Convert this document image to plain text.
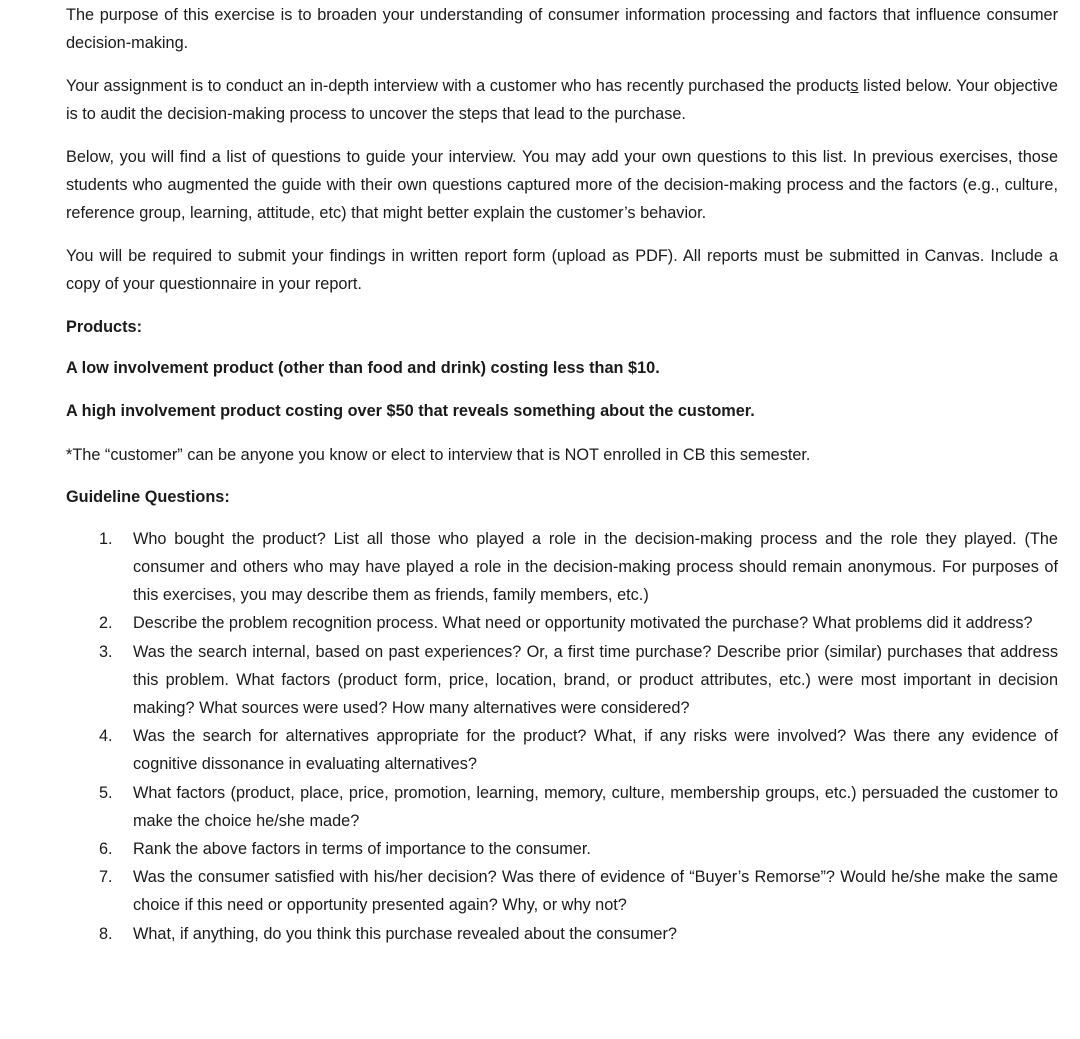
The purpose of this exercise is to broaden your understanding of consumer information processing and factors that influence consumer decision-making.

Your assignment is to conduct an in-depth interview with a customer who has recently purchased the products listed below. Your objective is to audit the decision-making process to uncover the steps that lead to the purchase.

Below, you will find a list of questions to guide your interview. You may add your own questions to this list. In previous exercises, those students who augmented the guide with their own questions captured more of the decision-making process and the factors (e.g., culture, reference group, learning, attitude, etc) that might better explain the customer’s behavior.

You will be required to submit your findings in written report form (upload as PDF). All reports must be submitted in Canvas. Include a copy of your questionnaire in your report.

Products:

A low involvement product (other than food and drink) costing less than $10.

A high involvement product costing over $50 that reveals something about the customer.

*The “customer” can be anyone you know or elect to interview that is NOT enrolled in CB this semester.

Guideline Questions:

1. Who bought the product? List all those who played a role in the decision-making process and the role they played. (The consumer and others who may have played a role in the decision-making process should remain anonymous. For purposes of this exercises, you may describe them as friends, family members, etc.)
2. Describe the problem recognition process. What need or opportunity motivated the purchase? What problems did it address?
3. Was the search internal, based on past experiences? Or, a first time purchase? Describe prior (similar) purchases that address this problem. What factors (product form, price, location, brand, or product attributes, etc.) were most important in decision making? What sources were used? How many alternatives were considered?
4. Was the search for alternatives appropriate for the product? What, if any risks were involved? Was there any evidence of cognitive dissonance in evaluating alternatives?
5. What factors (product, place, price, promotion, learning, memory, culture, membership groups, etc.) persuaded the customer to make the choice he/she made?
6. Rank the above factors in terms of importance to the consumer.
7. Was the consumer satisfied with his/her decision? Was there of evidence of “Buyer’s Remorse”? Would he/she make the same choice if this need or opportunity presented again? Why, or why not?
8. What, if anything, do you think this purchase revealed about the consumer?
